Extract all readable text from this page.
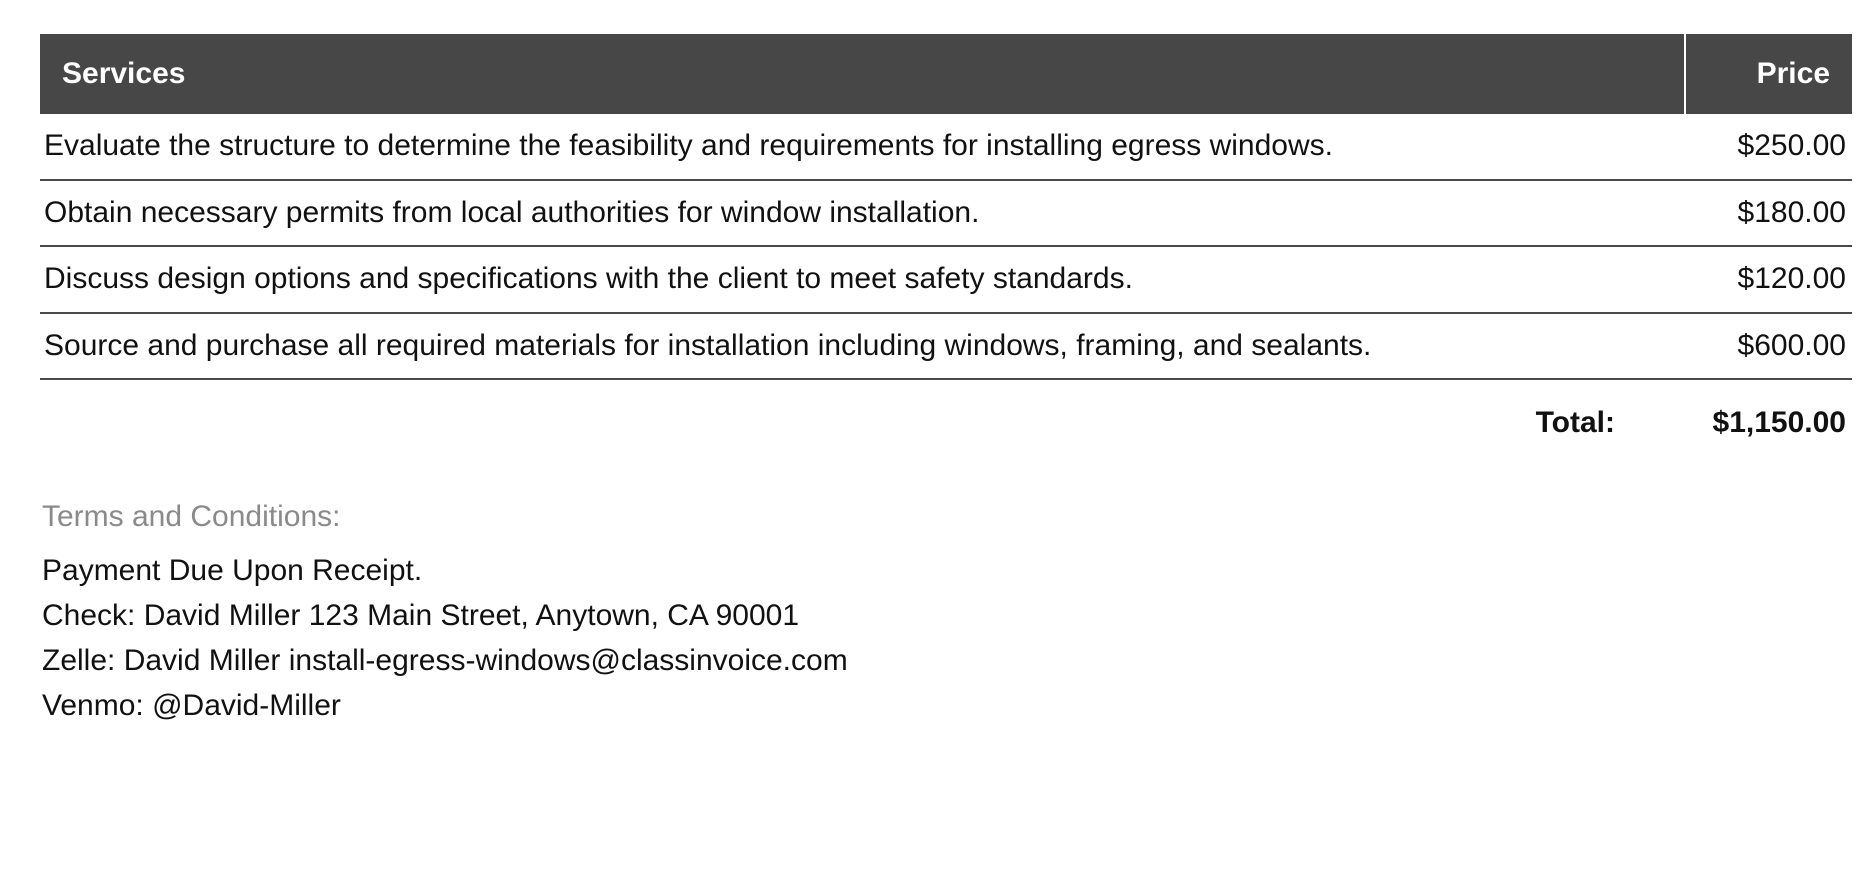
Services	Price
Evaluate the structure to determine the feasibility and requirements for installing egress windows.	$250.00
Obtain necessary permits from local authorities for window installation.	$180.00
Discuss design options and specifications with the client to meet safety standards.	$120.00
Source and purchase all required materials for installation including windows, framing, and sealants.	$600.00
Total:	$1,150.00
Terms and Conditions:
Payment Due Upon Receipt.
Check: David Miller 123 Main Street, Anytown, CA 90001
Zelle: David Miller install-egress-windows@classinvoice.com
Venmo: @David-Miller
